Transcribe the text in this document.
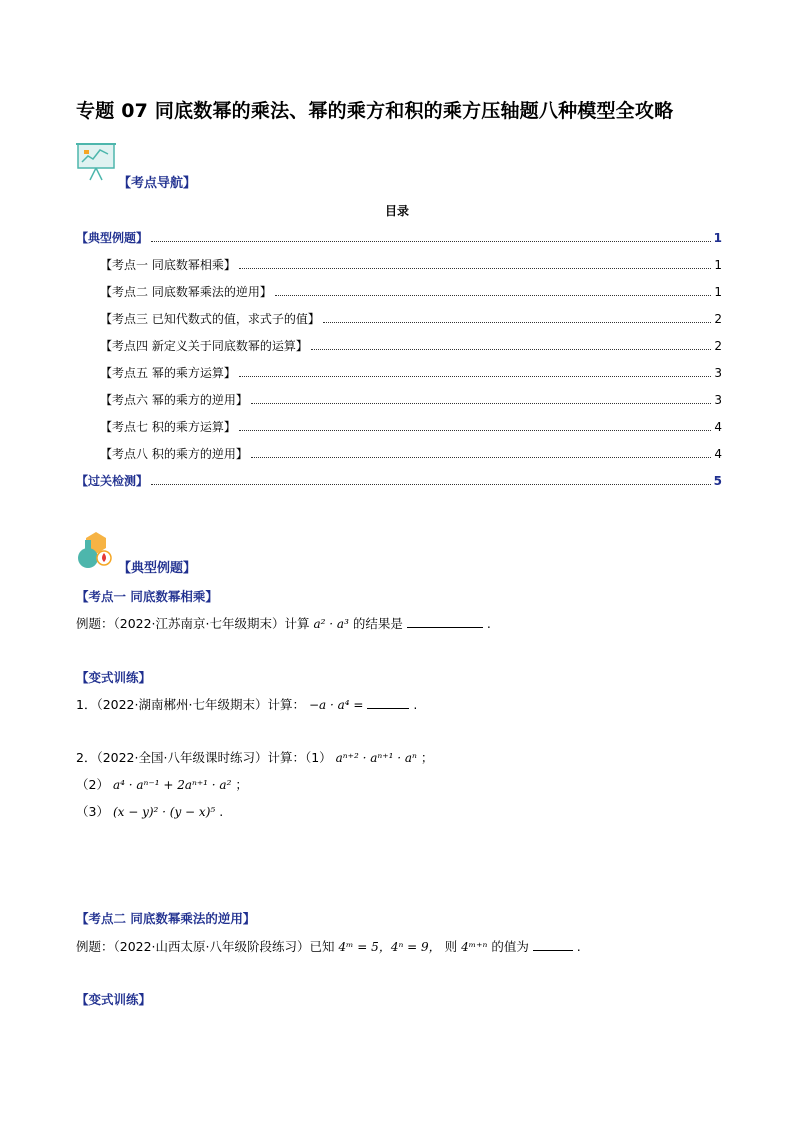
专题 07 同底数幂的乘法、幂的乘方和积的乘方压轴题八种模型全攻略
【考点导航】
目录
【典型例题】	1
【考点一 同底数幂相乘】	1
【考点二 同底数幂乘法的逆用】	1
【考点三 已知代数式的值，求式子的值】	2
【考点四 新定义关于同底数幂的运算】	2
【考点五 幂的乘方运算】	3
【考点六 幂的乘方的逆用】	3
【考点七 积的乘方运算】	4
【考点八 积的乘方的逆用】	4
【过关检测】	5
【典型例题】
【考点一 同底数幂相乘】
例题：（2022·江苏南京·七年级期末）计算 a² · a³ 的结果是	.
【变式训练】
1．（2022·湖南郴州·七年级期末）计算： −a · a⁴ =	.
2．（2022·全国·八年级课时练习）计算：（1） aⁿ⁺² · aⁿ⁺¹ · aⁿ ；
（2） a⁴ · aⁿ⁻¹ + 2aⁿ⁺¹ · a² ；
（3） (x − y)² · (y − x)⁵ .
【考点二 同底数幂乘法的逆用】
例题：（2022·山西太原·八年级阶段练习）已知 4ᵐ = 5，4ⁿ = 9， 则 4ᵐ⁺ⁿ 的值为	.
【变式训练】
